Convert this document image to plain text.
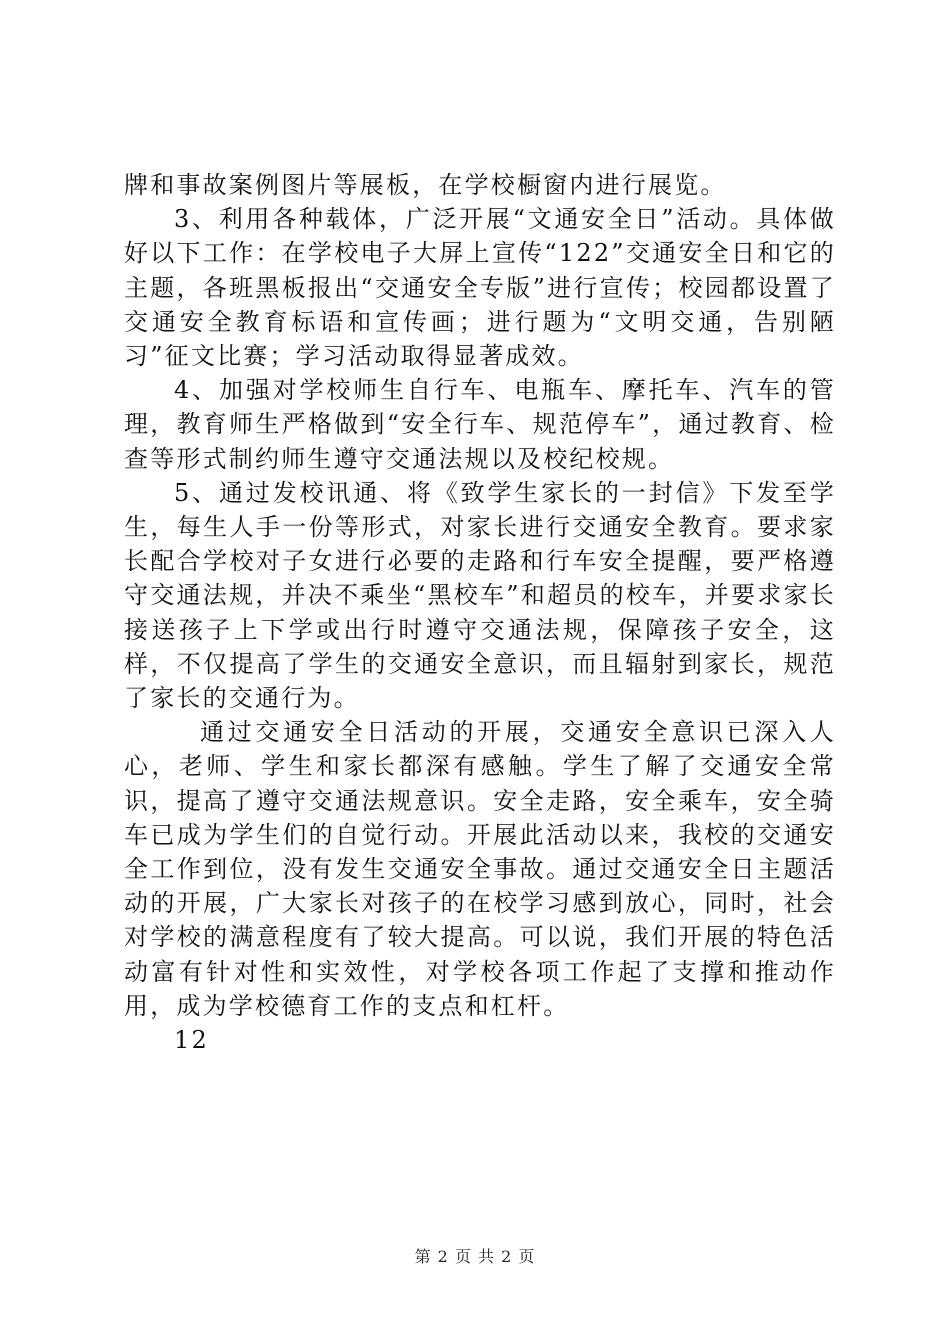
牌和事故案例图片等展板，在学校橱窗内进行展览。

3、利用各种载体，广泛开展“文通安全日”活动。具体做好以下工作：在学校电子大屏上宣传“122”交通安全日和它的主题，各班黑板报出“交通安全专版”进行宣传；校园都设置了交通安全教育标语和宣传画；进行题为“文明交通，告别陋习”征文比赛；学习活动取得显著成效。

4、加强对学校师生自行车、电瓶车、摩托车、汽车的管理，教育师生严格做到“安全行车、规范停车”，通过教育、检查等形式制约师生遵守交通法规以及校纪校规。

5、通过发校讯通、将《致学生家长的一封信》下发至学生，每生人手一份等形式，对家长进行交通安全教育。要求家长配合学校对子女进行必要的走路和行车安全提醒，要严格遵守交通法规，并决不乘坐“黑校车”和超员的校车，并要求家长接送孩子上下学或出行时遵守交通法规，保障孩子安全，这样，不仅提高了学生的交通安全意识，而且辐射到家长，规范了家长的交通行为。

通过交通安全日活动的开展，交通安全意识已深入人心，老师、学生和家长都深有感触。学生了解了交通安全常识，提高了遵守交通法规意识。安全走路，安全乘车，安全骑车已成为学生们的自觉行动。开展此活动以来，我校的交通安全工作到位，没有发生交通安全事故。通过交通安全日主题活动的开展，广大家长对孩子的在校学习感到放心，同时，社会对学校的满意程度有了较大提高。可以说，我们开展的特色活动富有针对性和实效性，对学校各项工作起了支撑和推动作用，成为学校德育工作的支点和杠杆。

12

第 2 页 共 2 页
